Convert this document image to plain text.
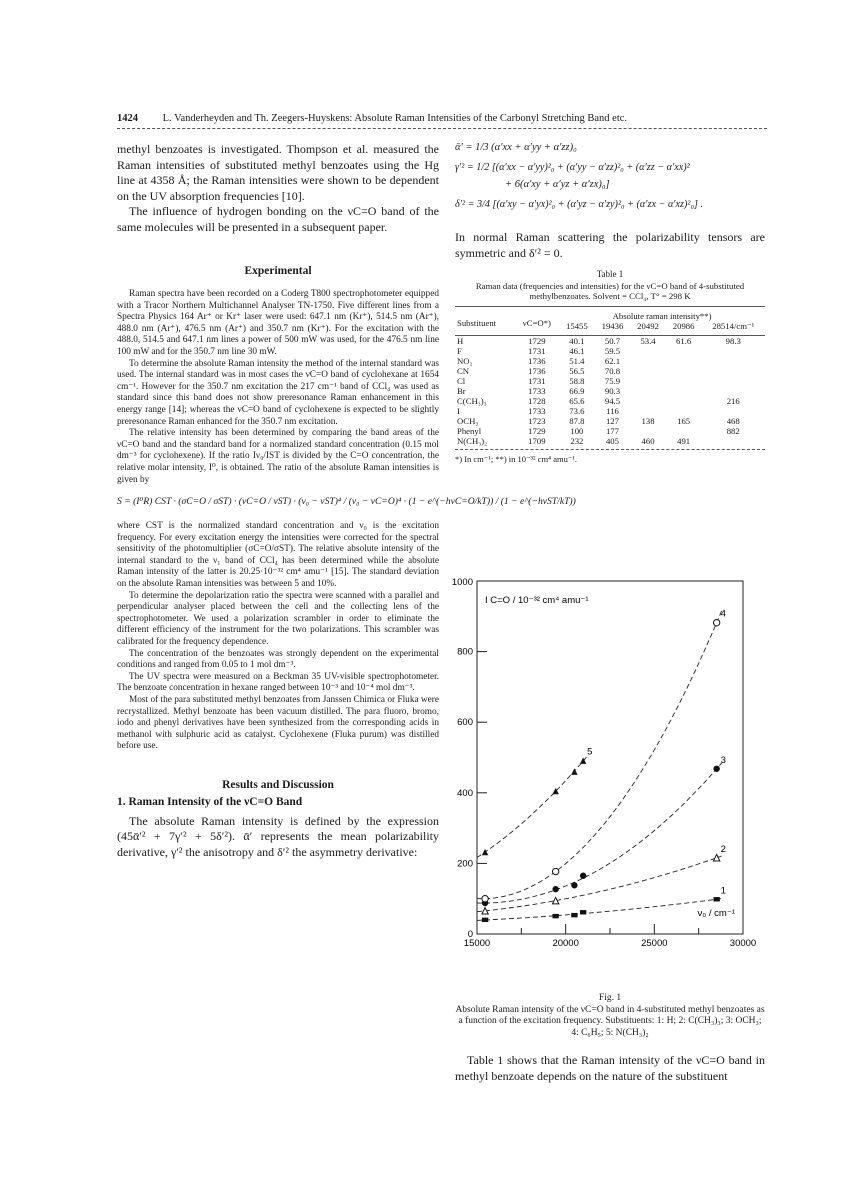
1424 L. Vanderheyden and Th. Zeegers-Huyskens: Absolute Raman Intensities of the Carbonyl Stretching Band etc.

methyl benzoates is investigated. Thompson et al. measured the Raman intensities of substituted methyl benzoates using the Hg line at 4358 Å; the Raman intensities were shown to be dependent on the UV absorption frequencies [10].

The influence of hydrogen bonding on the νC=O band of the same molecules will be presented in a subsequent paper.

Experimental

Raman spectra have been recorded on a Coderg T800 spectrophotometer equipped with a Tracor Northern Multichannel Analyser TN-1750. Five different lines from a Spectra Physics 164 Ar⁺ or Kr⁺ laser were used: 647.1 nm (Kr⁺), 514.5 nm (Ar⁺), 488.0 nm (Ar⁺), 476.5 nm (Ar⁺) and 350.7 nm (Kr⁺). For the excitation with the 488.0, 514.5 and 647.1 nm lines a power of 500 mW was used, for the 476.5 nm line 100 mW and for the 350.7 nm line 30 mW.

To determine the absolute Raman intensity the method of the internal standard was used. The internal standard was in most cases the νC=O band of cyclohexane at 1654 cm⁻¹. However for the 350.7 nm excitation the 217 cm⁻¹ band of CCl₄ was used as standard since this band does not show preresonance Raman enhancement in this energy range [14]; whereas the νC=O band of cyclohexene is expected to be slightly preresonance Raman enhanced for the 350.7 nm excitation.

The relative intensity has been determined by comparing the band areas of the νC=O band and the standard band for a normalized standard concentration (0.15 mol dm⁻³ for cyclohexene). If the ratio Iν₀/IST is divided by the C=O concentration, the relative molar intensity, I⁰, is obtained. The ratio of the absolute Raman intensities is given by

S = (I⁰R) CST · (σC=O / σST) · (νC=O / νST) · (ν₀ − νST)⁴ / (ν₀ − νC=O)⁴ · (1 − e^(−hνC=O/kT)) / (1 − e^(−hνST/kT))

where CST is the normalized standard concentration and ν₀ is the excitation frequency. For every excitation energy the intensities were corrected for the spectral sensitivity of the photomultiplier (σC=O/σST). The relative absolute intensity of the internal standard to the ν₁ band of CCl₄ has been determined while the absolute Raman intensity of the latter is 20.25·10⁻³² cm⁴ amu⁻¹ [15]. The standard deviation on the absolute Raman intensities was between 5 and 10%.

To determine the depolarization ratio the spectra were scanned with a parallel and perpendicular analyser placed between the cell and the collecting lens of the spectrophotometer. We used a polarization scrambler in order to eliminate the different efficiency of the instrument for the two polarizations. This scrambler was calibrated for the frequency dependence.

The concentration of the benzoates was strongly dependent on the experimental conditions and ranged from 0.05 to 1 mol dm⁻³.

The UV spectra were measured on a Beckman 35 UV-visible spectrophotometer. The benzoate concentration in hexane ranged between 10⁻³ and 10⁻⁴ mol dm⁻³.

Most of the para substituted methyl benzoates from Janssen Chimica or Fluka were recrystallized. Methyl benzoate has been vacuum distilled. The para fluoro, bromo, iodo and phenyl derivatives have been synthesized from the corresponding acids in methanol with sulphuric acid as catalyst. Cyclohexene (Fluka purum) was distilled before use.

Results and Discussion
1. Raman Intensity of the νC=O Band

The absolute Raman intensity is defined by the expression (45ᾱ′² + 7γ′² + 5δ′²). ᾱ′ represents the mean polarizability derivative, γ′² the anisotropy and δ′² the asymmetry derivative:

ᾱ′ = 1/3 (α′xx + α′yy + α′zz)₀
γ′² = 1/2 [(α′xx − α′yy)²₀ + (α′yy − α′zz)²₀ + (α′zz − α′xx)²
+ 6(α′xy + α′yz + α′zx)₀]
δ′² = 3/4 [(α′xy − α′yx)²₀ + (α′yz − α′zy)²₀ + (α′zx − α′xz)²₀] .

In normal Raman scattering the polarizability tensors are symmetric and δ′² = 0.

Table 1
Raman data (frequencies and intensities) for the νC=O band of 4-substituted methylbenzoates. Solvent = CCl₄, T° = 298 K
Substituent	νC=O*)	Absolute raman intensity**)				
		15455	19436	20492	20986	28514/cm⁻¹
H	1729	40.1	50.7	53.4	61.6	98.3
F	1731	46.1	59.5			
NO₂	1736	51.4	62.1			
CN	1736	56.5	70.8			
Cl	1731	58.8	75.9			
Br	1733	66.9	90.3			
C(CH₃)₃	1728	65.6	94.5			216
I	1733	73.6	116			
OCH₃	1723	87.8	127	138	165	468
Phenyl	1729	100	177			882
N(CH₃)₂	1709	232	405	460	491	
*) In cm⁻¹; **) in 10⁻³² cm⁴ amu⁻¹.
0
200
400
600
800
1000
15000	20000	25000	30000
I C=O / 10⁻³² cm⁴ amu⁻¹
ν₀ / cm⁻¹
1
2
3
4
5
Fig. 1
Absolute Raman intensity of the νC=O band in 4-substituted methyl benzoates as a function of the excitation frequency. Substituents: 1: H; 2: C(CH₃)₃; 3: OCH₃; 4: C₆H₅; 5: N(CH₃)₂

Table 1 shows that the Raman intensity of the νC=O band in methyl benzoate depends on the nature of the substituent
